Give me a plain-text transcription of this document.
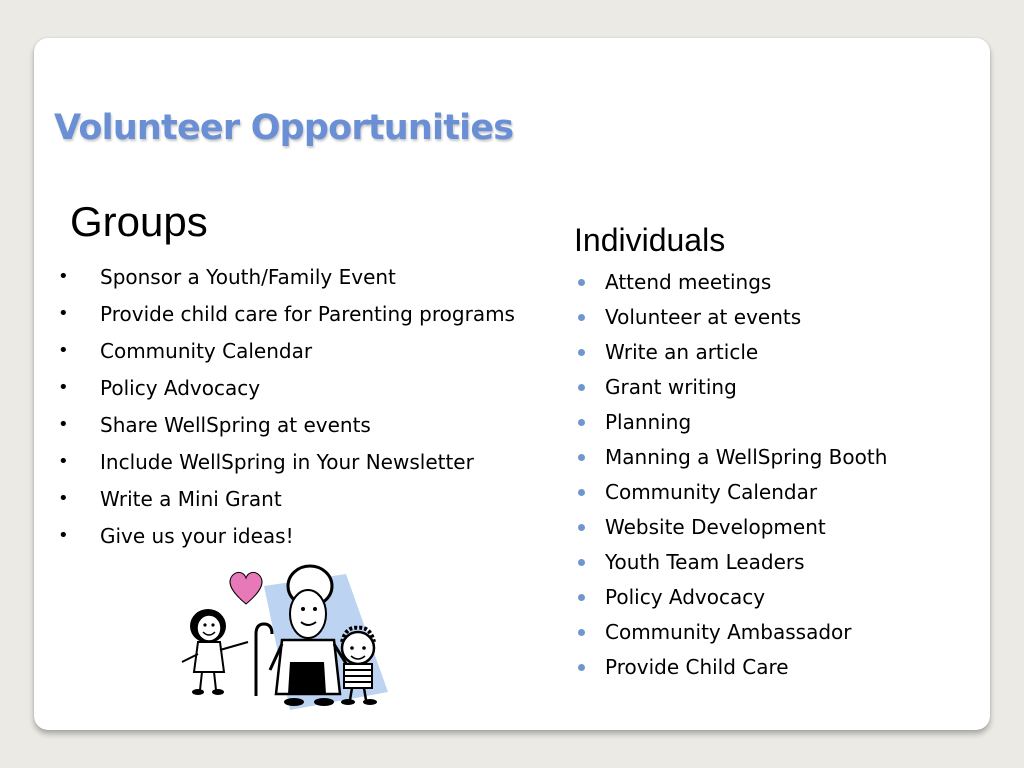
Volunteer Opportunities
Groups
• Sponsor a Youth/Family Event
• Provide child care for Parenting programs
• Community Calendar
• Policy Advocacy
• Share WellSpring at events
• Include WellSpring in Your Newsletter
• Write a Mini Grant
• Give us your ideas!
Individuals
Attend meetings
Volunteer at events
Write an article
Grant writing
Planning
Manning a WellSpring Booth
Community Calendar
Website Development
Youth Team Leaders
Policy Advocacy
Community Ambassador
Provide Child Care
